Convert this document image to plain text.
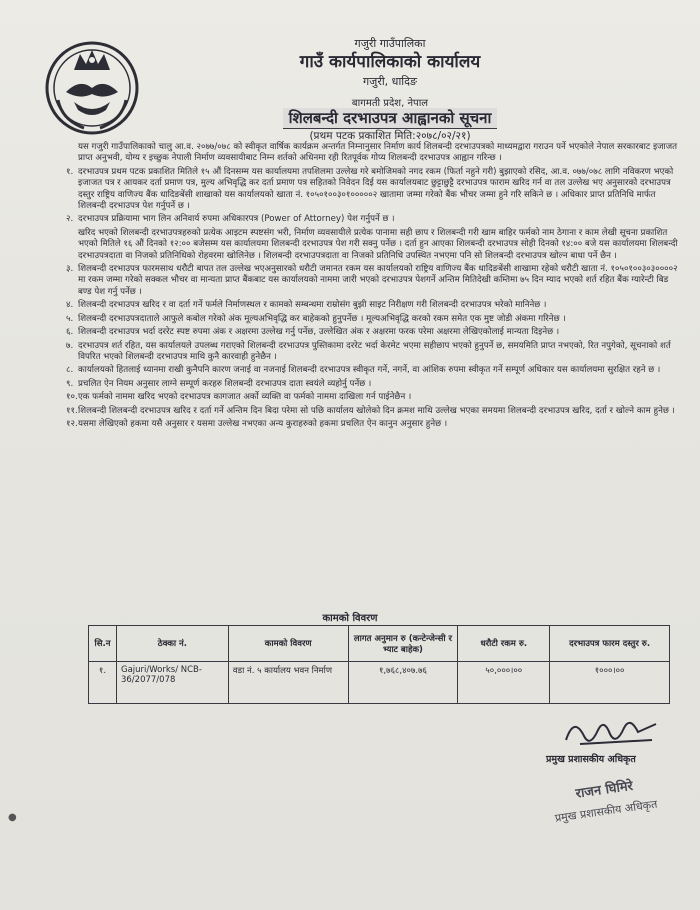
गजुरी गाउँपालिका
गाउँ कार्यपालिकाको कार्यालय
गजुरी, धादिङ
बागमती प्रदेश, नेपाल
शिलबन्दी दरभाउपत्र आह्वानको सूचना
(प्रथम पटक प्रकाशित मिति:२०७८/०२/२१)

यस गजुरी गाउँपालिकाको चालु आ.व. २०७७/०७८ को स्वीकृत वार्षिक कार्यक्रम अन्तर्गत निम्नानुसार निर्माण कार्य शिलबन्दी दरभाउपत्रको माध्यमद्वारा गराउन पर्ने भएकोले नेपाल सरकारबाट इजाजत प्राप्त अनुभवी, योग्य र इच्छुक नेपाली निर्माण व्यवसायीबाट निम्न शर्तको अधिनमा रही रितपूर्वक गोप्य शिलबन्दी दरभाउपत्र आह्वान गरिन्छ ।

१. दरभाउपत्र प्रथम पटक प्रकाशित मितिले १५ औं दिनसम्म यस कार्यालयमा तपशिलमा उल्लेख गरे बमोजिमको नगद रकम (फिर्ता नहुने गरी) बुझाएको रसिद, आ.व. ०७७/०७८ लागि नविकरण भएको इजाजत पत्र र आयकर दर्ता प्रमाण पत्र, मुल्य अभिवृद्धि कर दर्ता प्रमाण पत्र सहितको निवेदन दिई यस कार्यालयबाट छुट्टाछुट्टै दरभाउपत्र फाराम खरिद गर्न वा तल उल्लेख भए अनुसारको दरभाउपत्र दस्तुर राष्ट्रिय वाणिज्य बैंक धादिङबेंसी शाखाको यस कार्यालयको खाता नं. १०५०१००३०१०००००२ खातामा जम्मा गरेको बैंक भौचर जम्मा हुने गरि सकिने छ । अधिकार प्राप्त प्रतिनिधि मार्फत शिलबन्दी दरभाउपत्र पेश गर्नुपर्ने छ ।
२. दरभाउपत्र प्रक्रियामा भाग लिन अनिवार्य रुपमा अधिकारपत्र (Power of Attorney) पेश गर्नुपर्ने छ ।
खरिद भएको शिलबन्दी दरभाउपत्रहरुको प्रत्येक आइटम स्पष्टसंग भरी, निर्माण व्यवसायीले प्रत्येक पानामा सही छाप र शिलबन्दी गरी खाम बाहिर फर्मको नाम ठेगाना र काम लेखी सूचना प्रकाशित भएको मितिले १६ औं दिनको १२:०० बजेसम्म यस कार्यालयमा शिलबन्दी दरभाउपत्र पेश गरी सक्नु पर्नेछ । दर्ता हुन आएका शिलबन्दी दरभाउपत्र सोही दिनको १४:०० बजे यस कार्यालयमा शिलबन्दी दरभाउपत्रदाता वा निजको प्रतिनिधिको रोहवरमा खोलिनेछ । शिलबन्दी दरभाउपत्रदाता वा निजको प्रतिनिधि उपस्थित नभएमा पनि सो शिलबन्दी दरभाउपत्र खोल्न बाधा पर्ने छैन ।
३. शिलबन्दी दरभाउपत्र फारमसाथ धरौटी बापत तल उल्लेख भएअनुसारको धरौटी जमानत रकम यस कार्यालयको राष्ट्रिय वाणिज्य बैंक धादिङबेंसी शाखामा रहेको धरौटी खाता नं. १०५०१००३०३००००२ मा रकम जम्मा गरेको सक्कल भौचर वा मान्यता प्राप्त बैंकबाट यस कार्यालयको नाममा जारी भएको दरभाउपत्र पेशगर्ने अन्तिम मितिदेखी कम्तिमा ७५ दिन म्याद भएको शर्त रहित बैंक ग्यारेन्टी बिड बण्ड पेश गर्नु पर्नेछ ।
४. शिलबन्दी दरभाउपत्र खरिद र वा दर्ता गर्ने फर्मले निर्माणस्थल र कामको सम्बन्धमा राम्रोसंग बुझी साइट निरीक्षण गरी शिलबन्दी दरभाउपत्र भरेको मानिनेछ ।
५. शिलबन्दी दरभाउपत्रदाताले आफुले कबोल गरेको अंक मूल्यअभिवृद्धि कर बाहेकको हुनुपर्नेछ । मूल्यअभिवृद्धि करको रकम समेत एक मुष्ट जोडी अंकमा गरिनेछ ।
६. शिलबन्दी दरभाउपत्र भर्दा दररेट स्पष्ट रुपमा अंक र अक्षरमा उल्लेख गर्नु पर्नेछ, उल्लेखित अंक र अक्षरमा फरक परेमा अक्षरमा लेखिएकोलाई मान्यता दिइनेछ ।
७. दरभाउपत्र शर्त रहित, यस कार्यालयले उपलब्ध गराएको शिलबन्दी दरभाउपत्र पुस्तिकामा दररेट भर्दा केरमेट भएमा सहीछाप भएको हुनुपर्ने छ, समयमिति प्राप्त नभएको, रित नपुगेको, सूचनाको शर्त विपरित भएको शिलबन्दी दरभाउपत्र माथि कुनै कारवाही हुनेछैन ।
८. कार्यालयको हितलाई ध्यानमा राखी कुनैपनि कारण जनाई वा नजनाई शिलबन्दी दरभाउपत्र स्वीकृत गर्ने, नगर्ने, वा आंशिक रुपमा स्वीकृत गर्ने सम्पूर्ण अधिकार यस कार्यालयमा सुरक्षित रहने छ ।
९. प्रचलित ऐन नियम अनुसार लाग्ने सम्पूर्ण करहरु शिलबन्दी दरभाउपत्र दाता स्वयंले व्यहोर्नु पर्नेछ ।
१०. एक फर्मको नाममा खरिद भएको दरभाउपत्र कागजात अर्को व्यक्ति वा फर्मको नाममा दाखिला गर्न पाईनेछैन ।
११. शिलबन्दी शिलबन्दी दरभाउपत्र खरिद र दर्ता गर्ने अन्तिम दिन बिदा परेमा सो पछि कार्यालय खोलेको दिन क्रमश माथि उल्लेख भएका समयमा शिलबन्दी दरभाउपत्र खरिद, दर्ता र खोल्ने काम हुनेछ ।
१२. यसमा लेखिएको हकमा यसै अनुसार र यसमा उल्लेख नभएका अन्य कुराहरुको हकमा प्रचलित ऐन कानुन अनुसार हुनेछ ।
कामको विवरण
सि.न	ठेक्का नं.	कामको विवरण	लागत अनुमान रु (कन्टेन्जेन्सी र भ्याट बाहेक)	धरौटी रकम रु.	दरभाउपत्र फारम दस्तुर रु.
१.	Gajuri/Works/ NCB-36/2077/078	वडा नं. ५ कार्यालय भवन निर्माण	१,७६८,४०७.७६	५०,०००।००	१०००।००
प्रमुख प्रशासकीय अधिकृत
राजन घिमिरे
प्रमुख प्रशासकीय अधिकृत
●
